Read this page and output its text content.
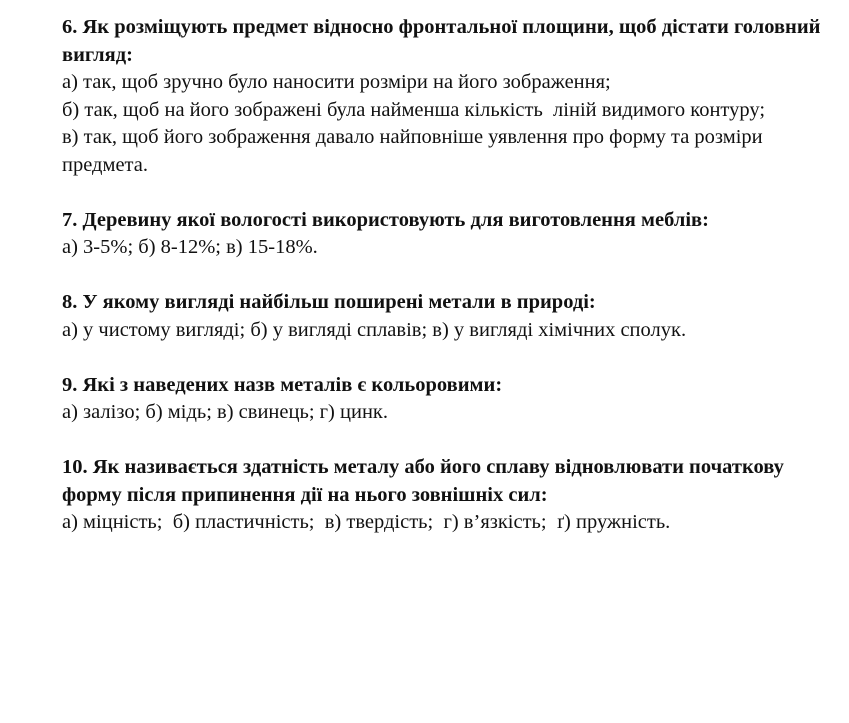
6. Як розміщують предмет відносно фронтальної площини, щоб дістати головний вигляд:
а) так, щоб зручно було наносити розміри на його зображення;
б) так, щоб на його зображені була найменша кількість  ліній видимого контуру;
в) так, щоб його зображення давало найповніше уявлення про форму та розміри предмета.
7. Деревину якої вологості використовують для виготовлення меблів:
а) 3-5%; б) 8-12%; в) 15-18%.
8. У якому вигляді найбільш поширені метали в природі:
а) у чистому вигляді; б) у вигляді сплавів; в) у вигляді хімічних сполук.
9. Які з наведених назв металів є кольоровими:
а) залізо; б) мідь; в) свинець; г) цинк.
10. Як називається здатність металу або його сплаву відновлювати початкову форму після припинення дії на нього зовнішніх сил:
а) міцність;  б) пластичність;  в) твердість;  г) в’язкість;  ґ) пружність.
